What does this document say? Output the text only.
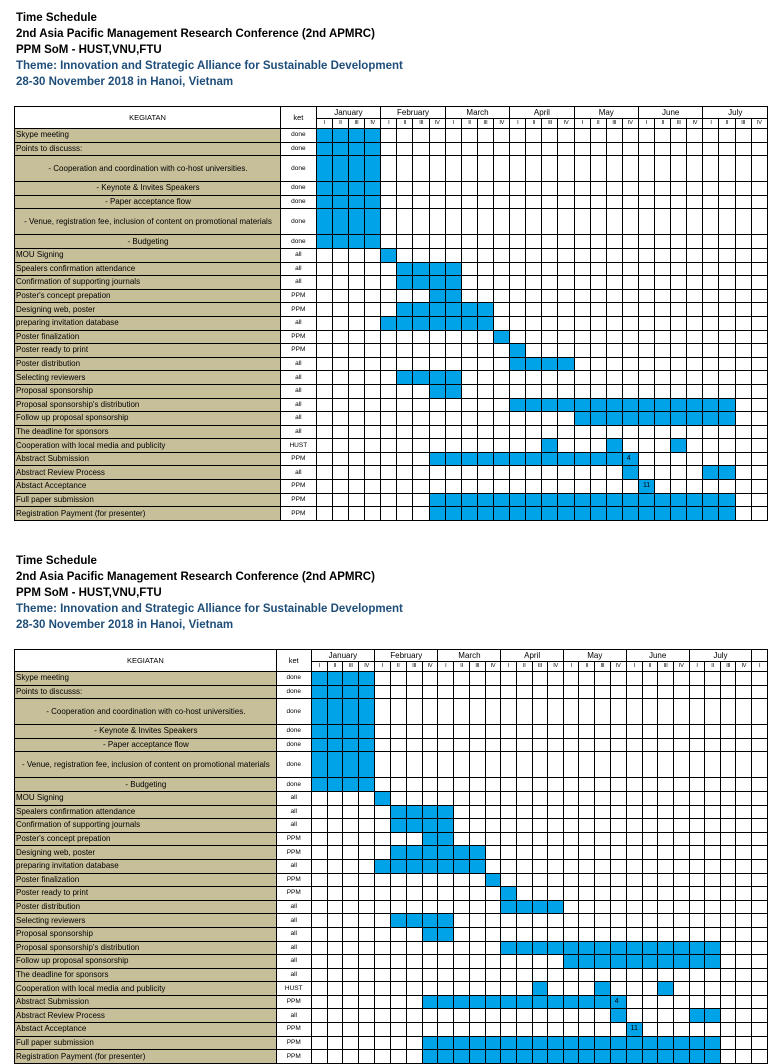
Time Schedule
2nd Asia Pacific Management Research Conference (2nd APMRC)
PPM SoM - HUST,VNU,FTU
Theme: Innovation and Strategic Alliance for Sustainable Development
28-30 November 2018 in Hanoi, Vietnam
KEGIATAN	ket	January				February				March				April				May				June				July			
		I	II	III	IV	I	II	III	IV	I	II	III	IV	I	II	III	IV	I	II	III	IV	I	II	III	IV	I	II	III	IV
Skype meeting	done																												
Points to discusss:	done																												
- Cooperation and coordination with co-host universities.	done																												
- Keynote & Invites Speakers	done																												
- Paper acceptance flow	done																												
- Venue, registration fee, inclusion of content on promotional materials	done																												
- Budgeting	done																												
MOU Signing	all																												
Spealers confirmation attendance	all																												
Confirmation of supporting journals	all																												
Poster's concept prepation	PPM																												
Designing web, poster	PPM																												
preparing invitation database	all																												
Poster finalization	PPM																												
Poster ready to print	PPM																												
Poster distribution	all																												
Selecting reviewers	all																												
Proposal sponsorship	all																												
Proposal sponsorship's distribution	all																												
Follow up proposal sponsorship	all																												
The deadline for sponsors	all																												
Cooperation with local media and publicity	HUST																												
Abstract Submission	PPM																				4								
Abstract Review Process	all																												
Abstact Acceptance	PPM																					11							
Full paper submission	PPM																												
Registration Payment (for presenter)	PPM																												
Time Schedule
2nd Asia Pacific Management Research Conference (2nd APMRC)
PPM SoM - HUST,VNU,FTU
Theme: Innovation and Strategic Alliance for Sustainable Development
28-30 November 2018 in Hanoi, Vietnam
KEGIATAN	ket	January				February				March				April				May				June				July				
		I	II	III	IV	I	II	III	IV	I	II	III	IV	I	II	III	IV	I	II	III	IV	I	II	III	IV	I	II	III	IV	I
Skype meeting	done																													
Points to discusss:	done																													
- Cooperation and coordination with co-host universities.	done																													
- Keynote & Invites Speakers	done																													
- Paper acceptance flow	done																													
- Venue, registration fee, inclusion of content on promotional materials	done																													
- Budgeting	done																													
MOU Signing	all																													
Spealers confirmation attendance	all																													
Confirmation of supporting journals	all																													
Poster's concept prepation	PPM																													
Designing web, poster	PPM																													
preparing invitation database	all																													
Poster finalization	PPM																													
Poster ready to print	PPM																													
Poster distribution	all																													
Selecting reviewers	all																													
Proposal sponsorship	all																													
Proposal sponsorship's distribution	all																													
Follow up proposal sponsorship	all																													
The deadline for sponsors	all																													
Cooperation with local media and publicity	HUST																													
Abstract Submission	PPM																				4									
Abstract Review Process	all																													
Abstact Acceptance	PPM																					11								
Full paper submission	PPM																													
Registration Payment (for presenter)	PPM																													
